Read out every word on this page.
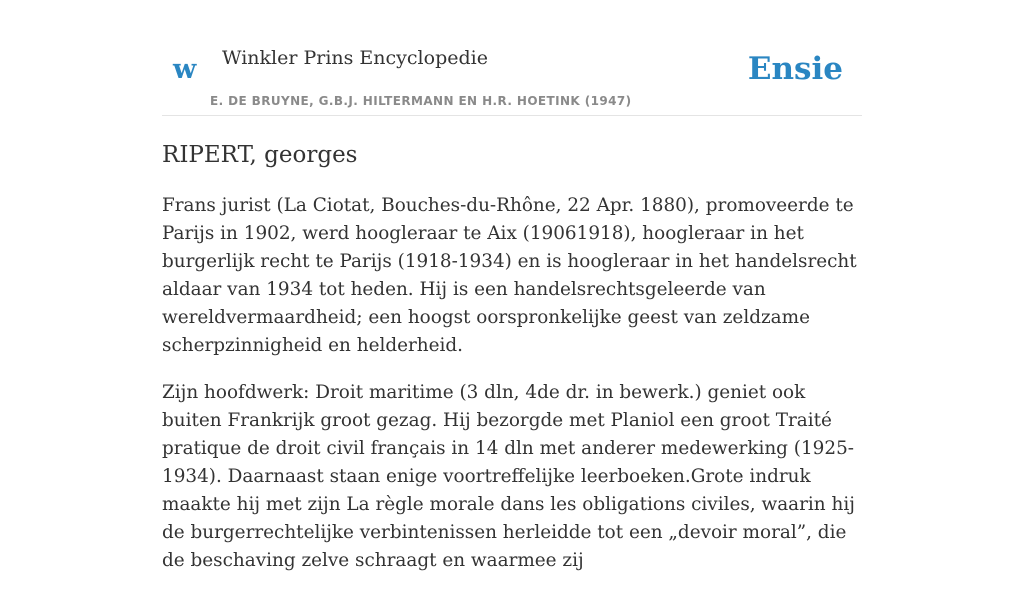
w Winkler Prins Encyclopedie
E. DE BRUYNE, G.B.J. HILTERMANN EN H.R. HOETINK (1947)
Ensie
RIPERT, georges

Frans jurist (La Ciotat, Bouches-du-Rhône, 22 Apr. 1880), promoveerde te Parijs in 1902, werd hoogleraar te Aix (19061918), hoogleraar in het burgerlijk recht te Parijs (1918-1934) en is hoogleraar in het handelsrecht aldaar van 1934 tot heden. Hij is een handelsrechtsgeleerde van wereldvermaardheid; een hoogst oorspronkelijke geest van zeldzame scherpzinnigheid en helderheid.

Zijn hoofdwerk: Droit maritime (3 dln, 4de dr. in bewerk.) geniet ook buiten Frankrijk groot gezag. Hij bezorgde met Planiol een groot Traité pratique de droit civil français in 14 dln met anderer medewerking (1925-1934). Daarnaast staan enige voortreffelijke leerboeken.Grote indruk maakte hij met zijn La règle morale dans les obligations civiles, waarin hij de burgerrechtelijke verbintenissen herleidde tot een „devoir moral”, die de beschaving zelve schraagt en waarmee zij
